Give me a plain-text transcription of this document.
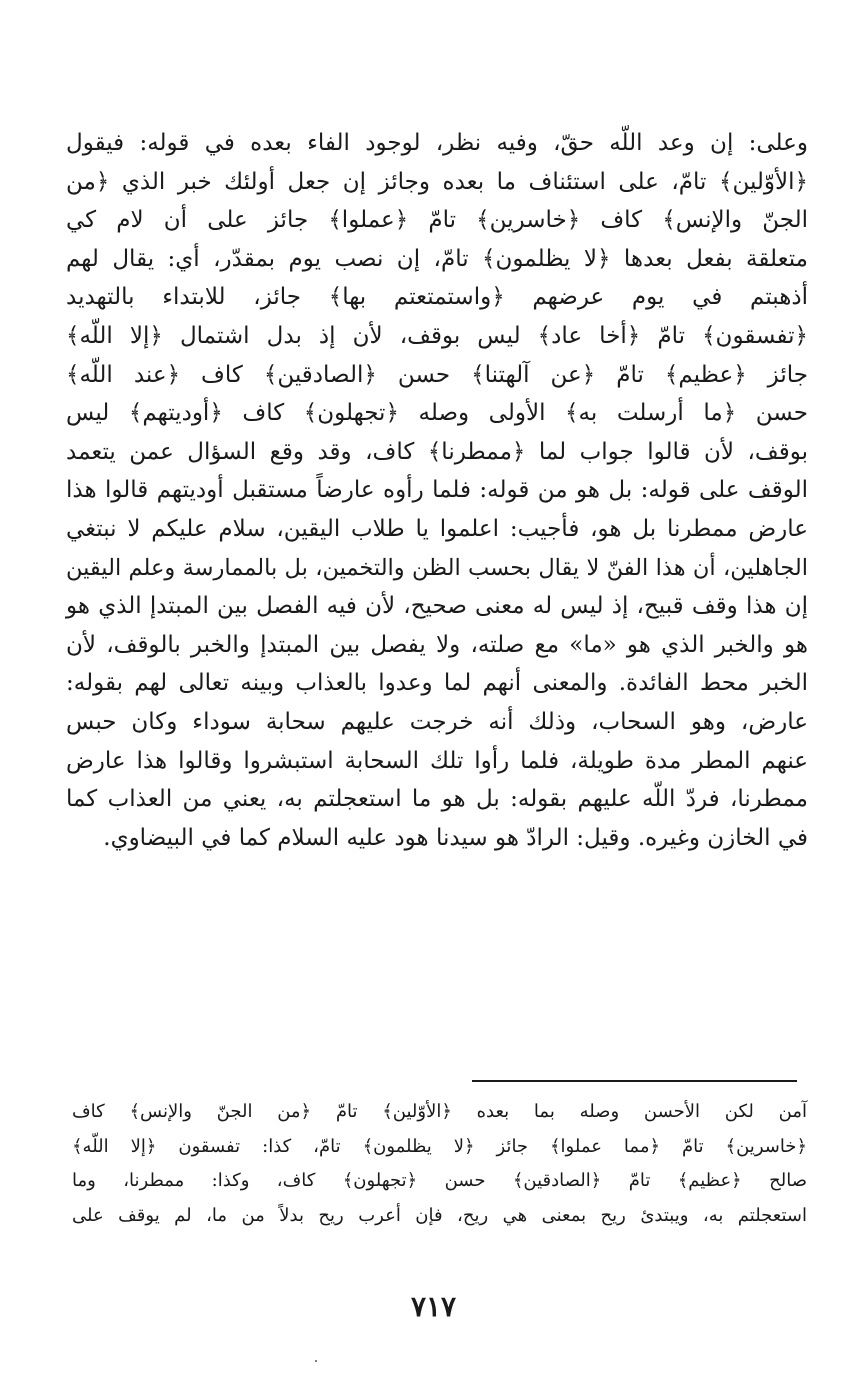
وعلى: إن وعد اللّه حقّ، وفيه نظر، لوجود الفاء بعده في قوله: فيقول
﴿الأوّلين﴾ تامّ، على استئناف ما بعده وجائز إن جعل أولئك خبر الذي ﴿من
الجنّ والإنس﴾ كاف ﴿خاسرين﴾ تامّ ﴿عملوا﴾ جائز على أن لام كي
متعلقة بفعل بعدها ﴿لا يظلمون﴾ تامّ، إن نصب يوم بمقدّر، أي: يقال لهم
أذهبتم في يوم عرضهم ﴿واستمتعتم بها﴾ جائز، للابتداء بالتهديد
﴿تفسقون﴾ تامّ ﴿أخا عاد﴾ ليس بوقف، لأن إذ بدل اشتمال ﴿إلا اللّه﴾
جائز ﴿عظيم﴾ تامّ ﴿عن آلهتنا﴾ حسن ﴿الصادقين﴾ كاف ﴿عند اللّه﴾
حسن ﴿ما أرسلت به﴾ الأولى وصله ﴿تجهلون﴾ كاف ﴿أوديتهم﴾ ليس
بوقف، لأن قالوا جواب لما ﴿ممطرنا﴾ كاف، وقد وقع السؤال عمن يتعمد
الوقف على قوله: بل هو من قوله: فلما رأوه عارضاً مستقبل أوديتهم قالوا هذا
عارض ممطرنا بل هو، فأجيب: اعلموا يا طلاب اليقين، سلام عليكم لا نبتغي
الجاهلين، أن هذا الفنّ لا يقال بحسب الظن والتخمين، بل بالممارسة وعلم اليقين
إن هذا وقف قبيح، إذ ليس له معنى صحيح، لأن فيه الفصل بين المبتدإ الذي هو
هو والخبر الذي هو «ما» مع صلته، ولا يفصل بين المبتدإ والخبر بالوقف، لأن
الخبر محط الفائدة. والمعنى أنهم لما وعدوا بالعذاب وبينه تعالى لهم بقوله:
عارض، وهو السحاب، وذلك أنه خرجت عليهم سحابة سوداء وكان حبس
عنهم المطر مدة طويلة، فلما رأوا تلك السحابة استبشروا وقالوا هذا عارض
ممطرنا، فردّ اللّه عليهم بقوله: بل هو ما استعجلتم به، يعني من العذاب كما
في الخازن وغيره. وقيل: الرادّ هو سيدنا هود عليه السلام كما في البيضاوي.
آمن لكن الأحسن وصله بما بعده ﴿الأوّلين﴾ تامّ ﴿من الجنّ والإنس﴾ كاف
﴿خاسرين﴾ تامّ ﴿مما عملوا﴾ جائز ﴿لا يظلمون﴾ تامّ، كذا: تفسقون ﴿إلا اللّه﴾
صالح ﴿عظيم﴾ تامّ ﴿الصادقين﴾ حسن ﴿تجهلون﴾ كاف، وكذا: ممطرنا، وما
استعجلتم به، ويبتدئ ريح بمعنى هي ريح، فإن أعرب ريح بدلاً من ما، لم يوقف على
٧١٧
